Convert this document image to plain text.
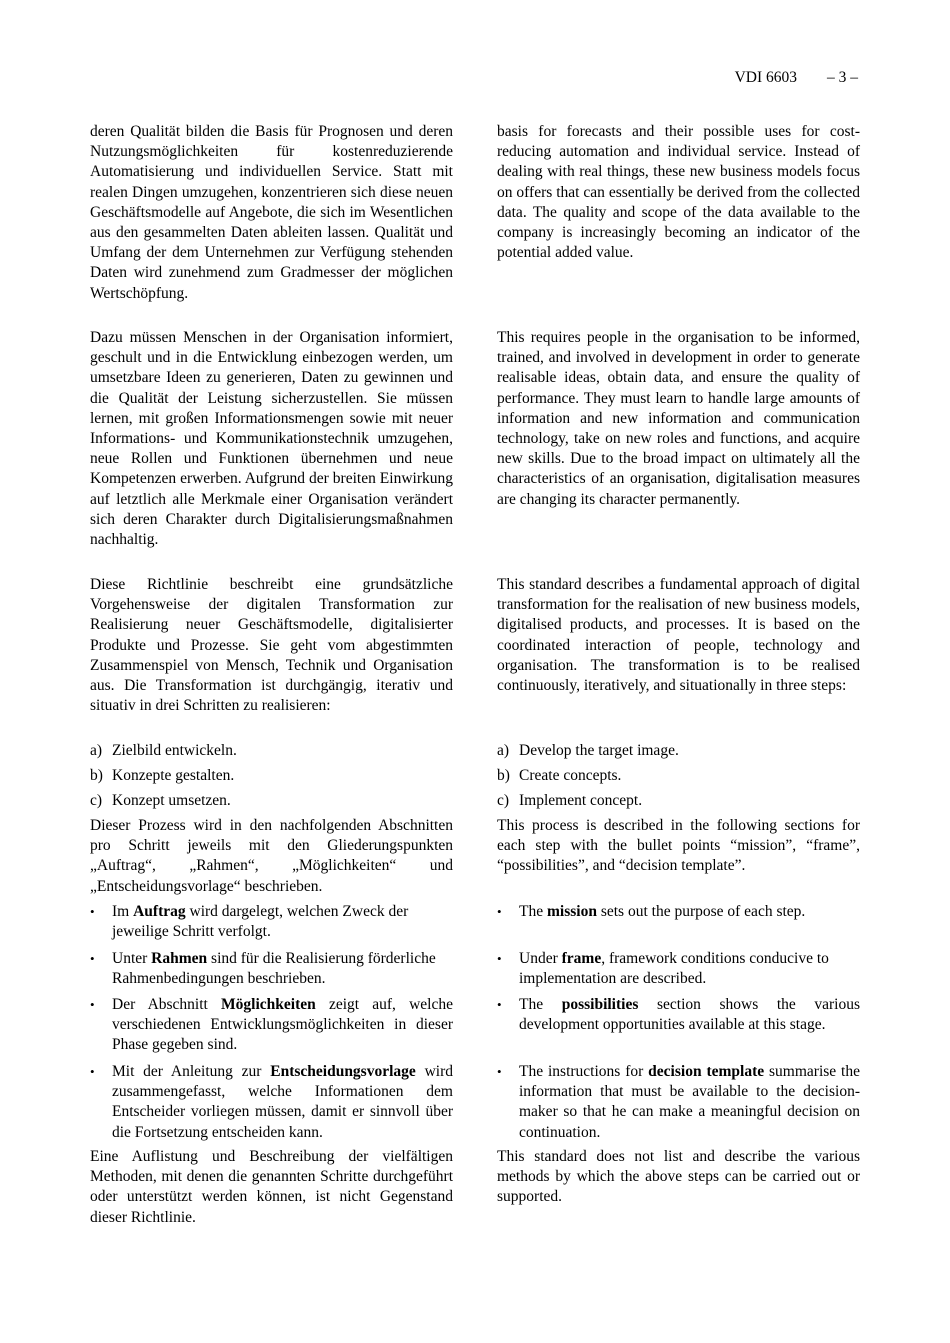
VDI 6603 – 3 –
deren Qualität bilden die Basis für Prognosen und deren Nutzungsmöglichkeiten für kostenreduzierende Automatisierung und individuellen Service. Statt mit realen Dingen umzugehen, konzentrieren sich diese neuen Geschäftsmodelle auf Angebote, die sich im Wesentlichen aus den gesammelten Daten ableiten lassen. Qualität und Umfang der dem Unternehmen zur Verfügung stehenden Daten wird zunehmend zum Gradmesser der möglichen Wertschöpfung.
Dazu müssen Menschen in der Organisation informiert, geschult und in die Entwicklung einbezogen werden, um umsetzbare Ideen zu generieren, Daten zu gewinnen und die Qualität der Leistung sicherzustellen. Sie müssen lernen, mit großen Informationsmengen sowie mit neuer Informations- und Kommunikationstechnik umzugehen, neue Rollen und Funktionen übernehmen und neue Kompetenzen erwerben. Aufgrund der breiten Einwirkung auf letztlich alle Merkmale einer Organisation verändert sich deren Charakter durch Digitalisierungsmaßnahmen nachhaltig.
Diese Richtlinie beschreibt eine grundsätzliche Vorgehensweise der digitalen Transformation zur Realisierung neuer Geschäftsmodelle, digitalisierter Produkte und Prozesse. Sie geht vom abgestimmten Zusammenspiel von Mensch, Technik und Organisation aus. Die Transformation ist durchgängig, iterativ und situativ in drei Schritten zu realisieren:
a) Zielbild entwickeln.
b) Konzepte gestalten.
c) Konzept umsetzen.
Dieser Prozess wird in den nachfolgenden Abschnitten pro Schritt jeweils mit den Gliederungspunkten „Auftrag“, „Rahmen“, „Möglichkeiten“ und „Entscheidungsvorlage“ beschrieben.
•	Im Auftrag wird dargelegt, welchen Zweck der jeweilige Schritt verfolgt.
•	Unter Rahmen sind für die Realisierung förderliche Rahmenbedingungen beschrieben.
•	Der Abschnitt Möglichkeiten zeigt auf, welche verschiedenen Entwicklungsmöglichkeiten in dieser Phase gegeben sind.
•	Mit der Anleitung zur Entscheidungsvorlage wird zusammengefasst, welche Informationen dem Entscheider vorliegen müssen, damit er sinnvoll über die Fortsetzung entscheiden kann.
Eine Auflistung und Beschreibung der vielfältigen Methoden, mit denen die genannten Schritte durchgeführt oder unterstützt werden können, ist nicht Gegenstand dieser Richtlinie.
basis for forecasts and their possible uses for cost-reducing automation and individual service. Instead of dealing with real things, these new business models focus on offers that can essentially be derived from the collected data. The quality and scope of the data available to the company is increasingly becoming an indicator of the potential added value.
This requires people in the organisation to be informed, trained, and involved in development in order to generate realisable ideas, obtain data, and ensure the quality of performance. They must learn to handle large amounts of information and new information and communication technology, take on new roles and functions, and acquire new skills. Due to the broad impact on ultimately all the characteristics of an organisation, digitalisation measures are changing its character permanently.
This standard describes a fundamental approach of digital transformation for the realisation of new business models, digitalised products, and processes. It is based on the coordinated interaction of people, technology and organisation. The transformation is to be realised continuously, iteratively, and situationally in three steps:
a) Develop the target image.
b) Create concepts.
c) Implement concept.
This process is described in the following sections for each step with the bullet points “mission”, “frame”, “possibilities”, and “decision template”.
•	The mission sets out the purpose of each step.
•	Under frame, framework conditions conducive to implementation are described.
•	The possibilities section shows the various development opportunities available at this stage.
•	The instructions for decision template summarise the information that must be available to the decision-maker so that he can make a meaningful decision on continuation.
This standard does not list and describe the various methods by which the above steps can be carried out or supported.
